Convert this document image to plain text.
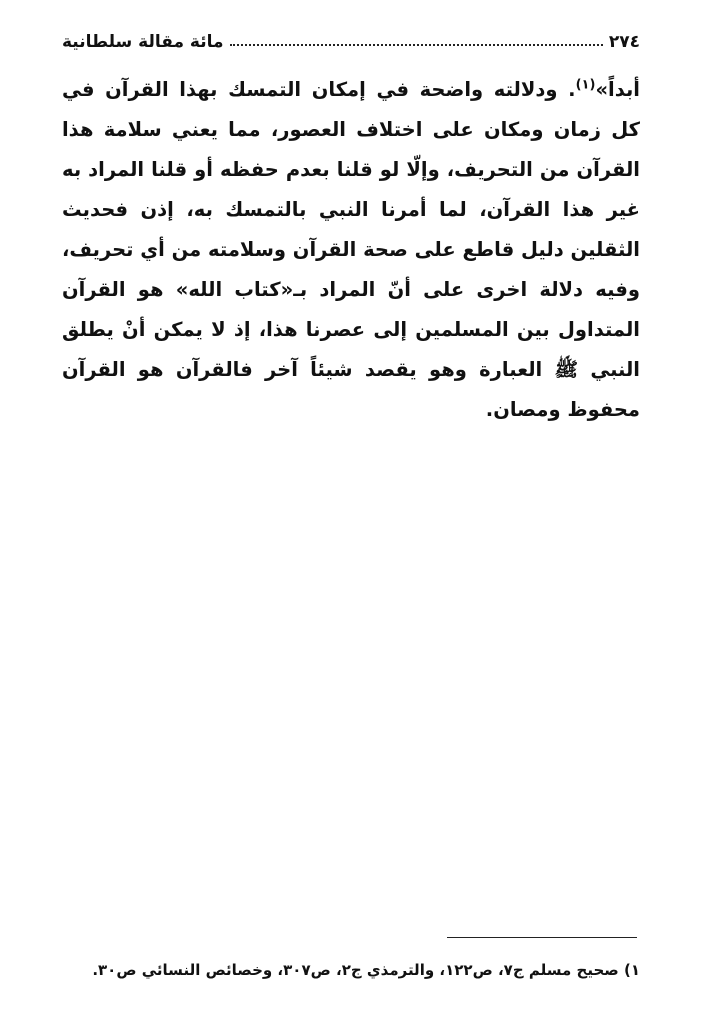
٢٧٤
مائة مقالة سلطانية

أبداً»$^{(١)}$. ودلالته واضحة في إمكان التمسك بهذا القرآن في كل زمان ومكان على اختلاف العصور، مما يعني سلامة هذا القرآن من التحريف، وإلّا لو قلنا بعدم حفظه أو قلنا المراد به غير هذا القرآن، لما أمرنا النبي بالتمسك به، إذن فحديث الثقلين دليل قاطع على صحة القرآن وسلامته من أي تحريف، وفيه دلالة اخرى على أنّ المراد بـ«كتاب الله» هو القرآن المتداول بين المسلمين إلى عصرنا هذا، إذ لا يمكن أنْ يطلق النبي ﷺ العبارة وهو يقصد شيئاً آخر فالقرآن هو القرآن محفوظ ومصان.

١) صحيح مسلم ج٧، ص١٢٢، والترمذي ج٢، ص٣٠٧، وخصائص النسائي ص٣٠.
